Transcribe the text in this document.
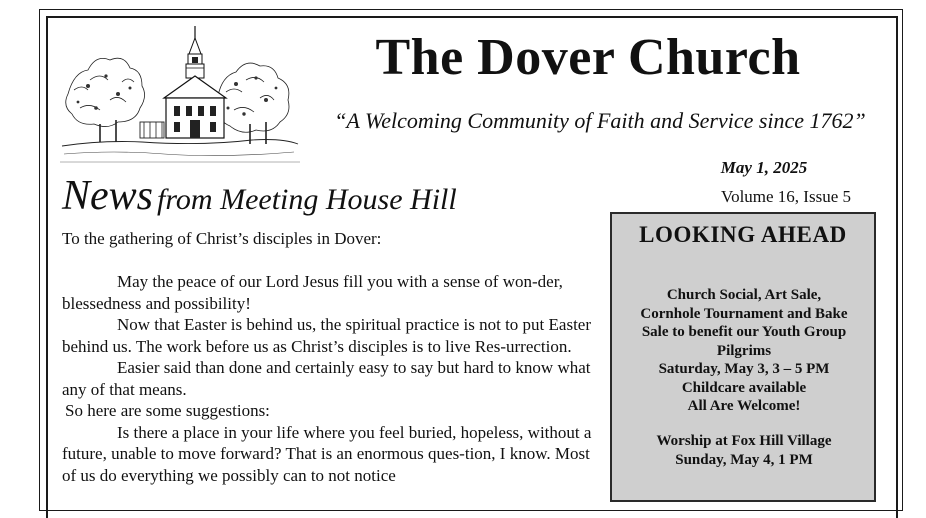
The Dover Church
“A Welcoming Community of Faith and Service since 1762”
May 1, 2025
Volume 16, Issue 5
News from Meeting House Hill

To the gathering of Christ’s disciples in Dover:

May the peace of our Lord Jesus fill you with a sense of won-der, blessedness and possibility!

Now that Easter is behind us, the spiritual practice is not to put Easter behind us. The work before us as Christ’s disciples is to live Res-urrection.

Easier said than done and certainly easy to say but hard to know what any of that means.

So here are some suggestions:

Is there a place in your life where you feel buried, hopeless, without a future, unable to move forward? That is an enormous ques-tion, I know. Most of us do everything we possibly can to not notice

LOOKING AHEAD

Church Social, Art Sale,

Cornhole Tournament and Bake

Sale to benefit our Youth Group

Pilgrims

Saturday, May 3, 3 – 5 PM

Childcare available

All Are Welcome!

Worship at Fox Hill Village

Sunday, May 4, 1 PM
